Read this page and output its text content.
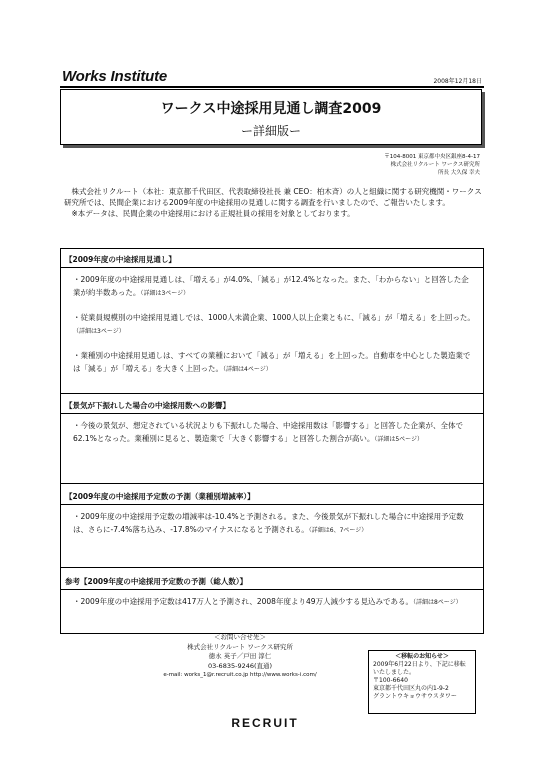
Works Institute	2008年12月18日
ワークス中途採用見通し調査2009
ー詳細版ー
〒104-8001 東京都中央区銀座8-4-17
株式会社リクルート ワークス研究所
所長 大久保 幸夫

株式会社リクルート（本社：東京都千代田区、代表取締役社長 兼 CEO：柏木斉）の人と組織に関する研究機関・ワークス研究所では、民間企業における2009年度の中途採用の見通しに関する調査を行いましたので、ご報告いたします。

※本データは、民間企業の中途採用における正規社員の採用を対象としております。

【2009年度の中途採用見通し】
・2009年度の中途採用見通しは、「増える」が4.0%、「減る」が12.4%となった。また、「わからない」と回答した企業が約半数あった。（詳細は3ページ）
・従業員規模別の中途採用見通しでは、1000人未満企業、1000人以上企業ともに、「減る」が「増える」を上回った。（詳細は3ページ）
・業種別の中途採用見通しは、すべての業種において「減る」が「増える」を上回った。自動車を中心とした製造業では「減る」が「増える」を大きく上回った。（詳細は4ページ）
【景気が下振れした場合の中途採用数への影響】
・今後の景気が、想定されている状況よりも下振れした場合、中途採用数は「影響する」と回答した企業が、全体で62.1%となった。業種別に見ると、製造業で「大きく影響する」と回答した割合が高い。（詳細は5ページ）
【2009年度の中途採用予定数の予測（業種別増減率）】
・2009年度の中途採用予定数の増減率は-10.4%と予測される。また、今後景気が下振れした場合に中途採用予定数は、さらに-7.4%落ち込み、-17.8%のマイナスになると予測される。（詳細は6、7ページ）
参考【2009年度の中途採用予定数の予測（総人数）】
・2009年度の中途採用予定数は417万人と予測され、2008年度より49万人減少する見込みである。（詳細は8ページ）
＜お問い合せ先＞
株式会社リクルート ワークス研究所
徳永 英子／戸田 淳仁
03-6835-9246(直通)
e-mail: works_1@r.recruit.co.jp http://www.works-i.com/
＜移転のお知らせ＞
2009年6月22日より、下記に移転いたしました。
〒100-6640
東京都千代田区丸の内1-9-2
グラントウキョウサウスタワー
RECRUIT
